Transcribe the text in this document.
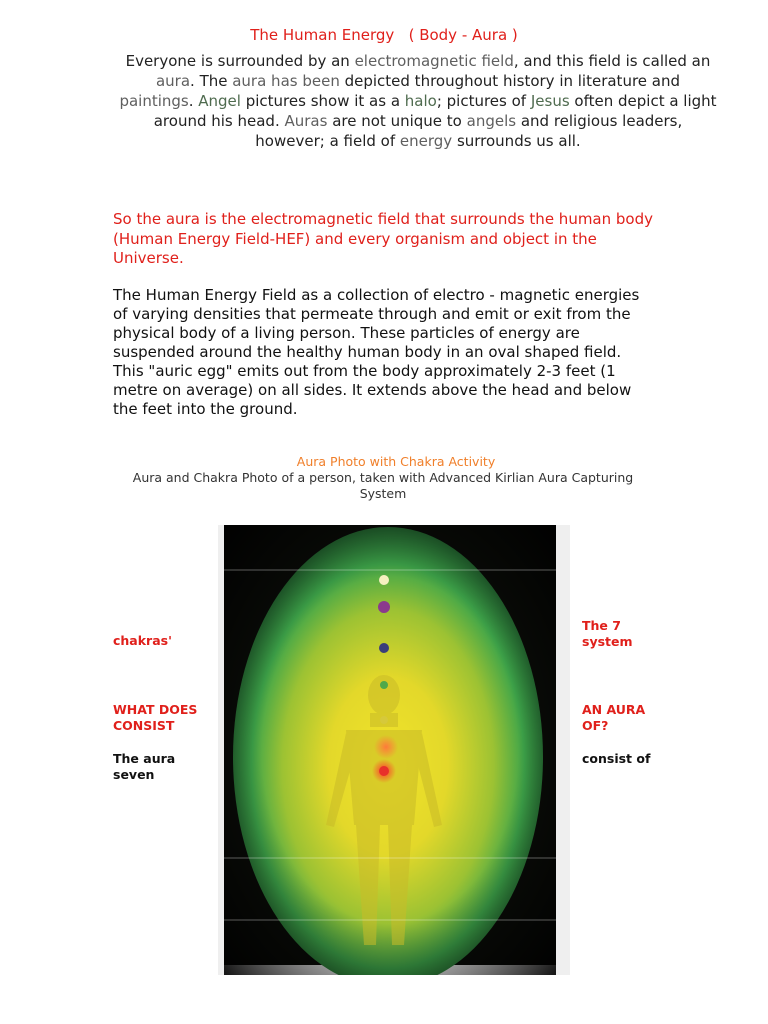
The Human Energy   ( Body - Aura )
Everyone is surrounded by an electromagnetic field, and this field is called an aura. The aura has been depicted throughout history in literature and paintings. Angel pictures show it as a halo; pictures of Jesus often depict a light around his head. Auras are not unique to angels and religious leaders, however; a field of energy surrounds us all.
So the aura is the electromagnetic field that surrounds the human body (Human Energy Field-HEF) and every organism and object in the Universe.
The Human Energy Field as a collection of electro - magnetic energies of varying densities that permeate through and emit or exit from the physical body of a living person. These particles of energy are suspended around the healthy human body in an oval shaped field. This "auric egg" emits out from the body approximately 2-3 feet (1 metre on average) on all sides. It extends above the head and below the feet into the ground.
Aura Photo with Chakra Activity
Aura and Chakra Photo of a person, taken with Advanced Kirlian Aura Capturing System
chakras'
WHAT DOES
CONSIST
The aura
seven
The 7
system
AN AURA
OF?
consist of
